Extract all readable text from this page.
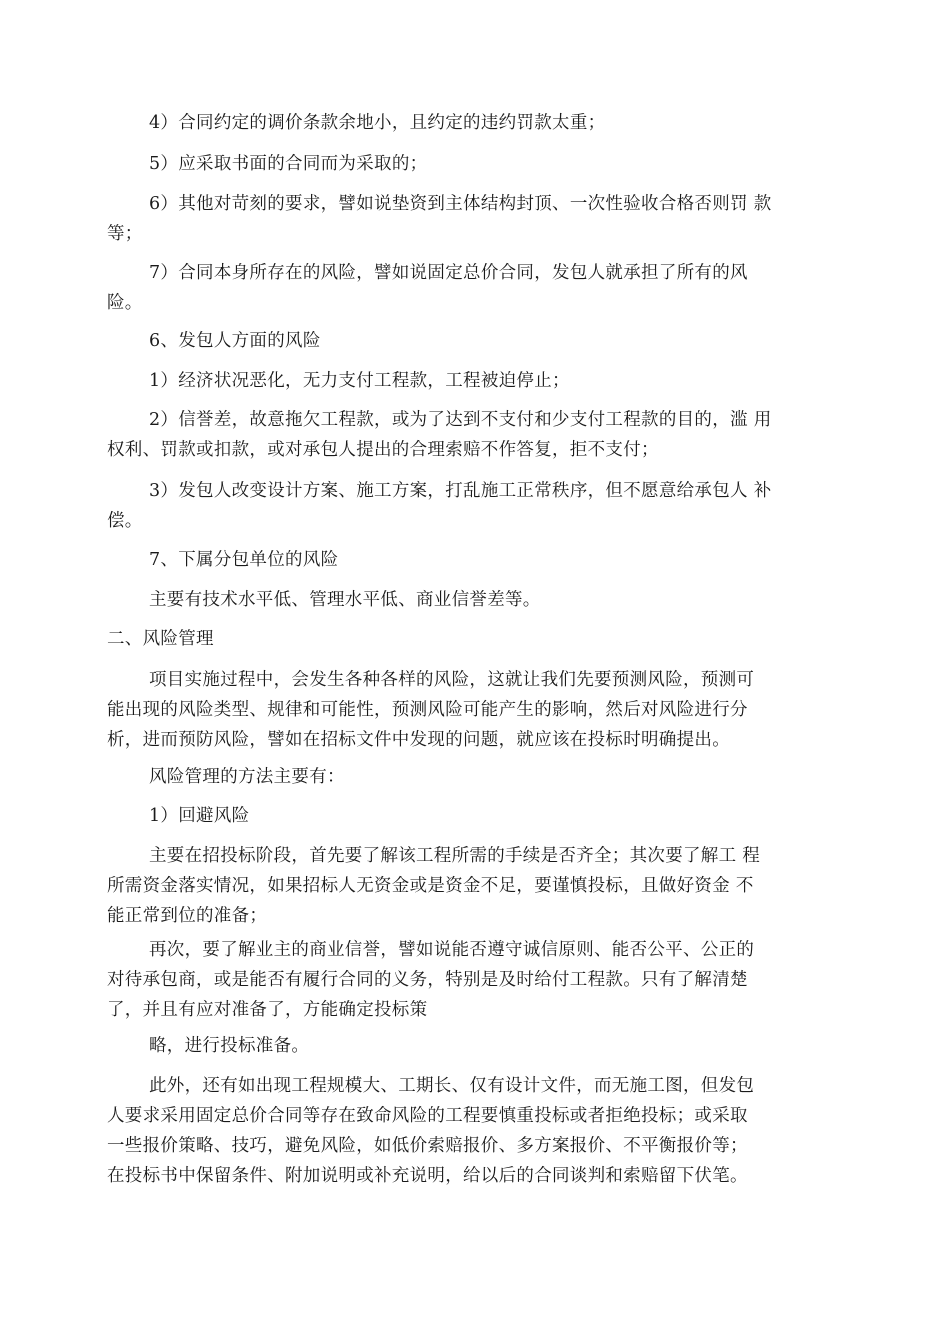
4）合同约定的调价条款余地小，且约定的违约罚款太重；

5）应采取书面的合同而为采取的；

6）其他对苛刻的要求，譬如说垫资到主体结构封顶、一次性验收合格否则罚 款
等；

7）合同本身所存在的风险，譬如说固定总价合同，发包人就承担了所有的风
险。

6、发包人方面的风险

1）经济状况恶化，无力支付工程款，工程被迫停止；

2）信誉差，故意拖欠工程款，或为了达到不支付和少支付工程款的目的，滥 用
权利、罚款或扣款，或对承包人提出的合理索赔不作答复，拒不支付；

3）发包人改变设计方案、施工方案，打乱施工正常秩序，但不愿意给承包人 补
偿。

7、下属分包单位的风险

主要有技术水平低、管理水平低、商业信誉差等。

二、风险管理

项目实施过程中，会发生各种各样的风险，这就让我们先要预测风险，预测可
能出现的风险类型、规律和可能性，预测风险可能产生的影响，然后对风险进行分
析，进而预防风险，譬如在招标文件中发现的问题，就应该在投标时明确提出。

风险管理的方法主要有：

1）回避风险

主要在招投标阶段，首先要了解该工程所需的手续是否齐全；其次要了解工 程
所需资金落实情况，如果招标人无资金或是资金不足，要谨慎投标，且做好资金 不
能正常到位的准备；

再次，要了解业主的商业信誉，譬如说能否遵守诚信原则、能否公平、公正的
对待承包商，或是能否有履行合同的义务，特别是及时给付工程款。只有了解清楚
了，并且有应对准备了，方能确定投标策

略，进行投标准备。

此外，还有如出现工程规模大、工期长、仅有设计文件，而无施工图，但发包
人要求采用固定总价合同等存在致命风险的工程要慎重投标或者拒绝投标；或采取
一些报价策略、技巧，避免风险，如低价索赔报价、多方案报价、不平衡报价等；
在投标书中保留条件、附加说明或补充说明，给以后的合同谈判和索赔留下伏笔。
